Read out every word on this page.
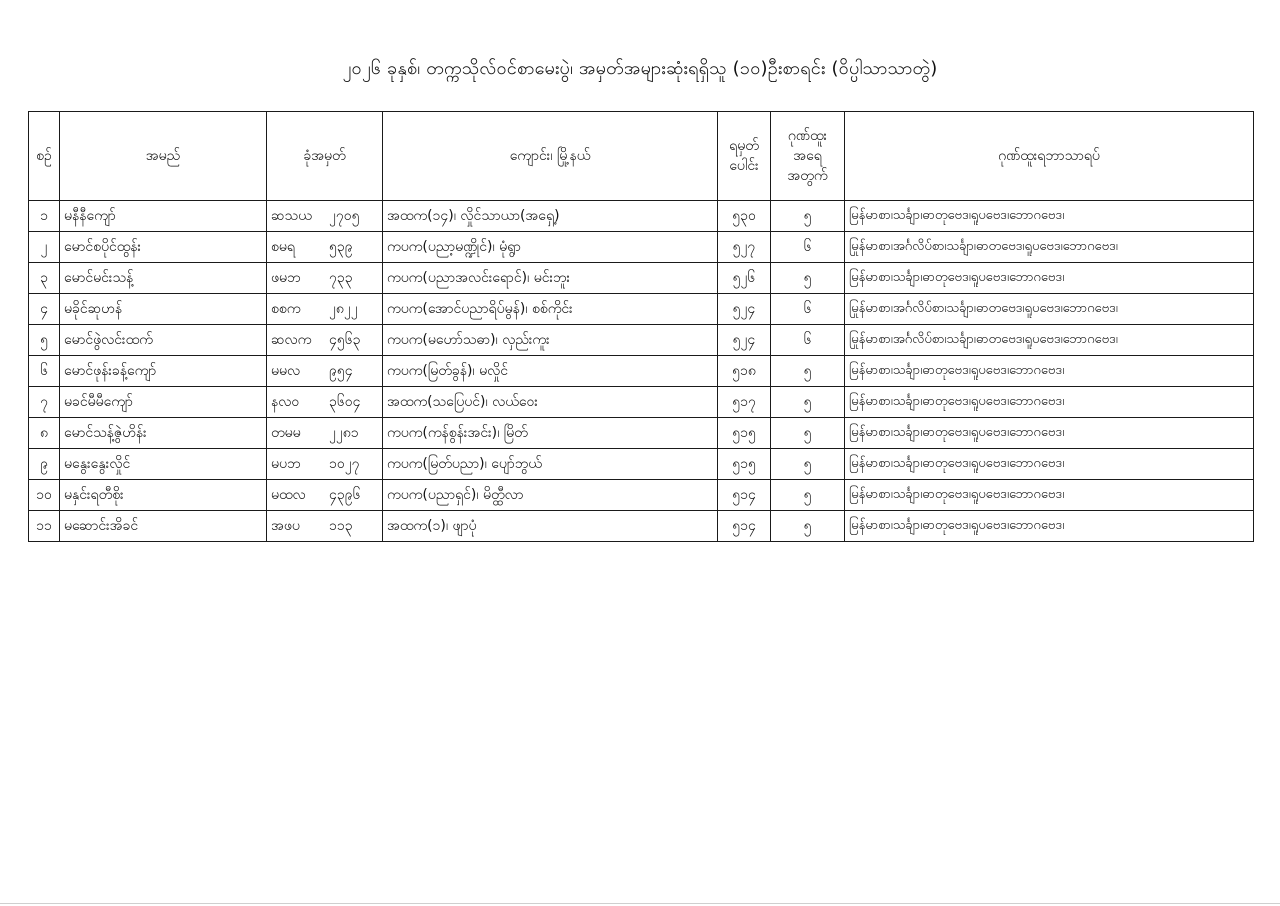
၂၀၂၆ ခုနှစ်၊ တက္ကသိုလ်ဝင်စာမေးပွဲ၊ အမှတ်အများဆုံးရရှိသူ (၁၀)ဦးစာရင်း (ဝိပ္ပါသာသာတွဲ)
စဉ်	အမည်	ခုံအမှတ်	ကျောင်း၊ မြို့နယ်	ရမှတ် ပေါင်း	ဂုဏ်ထူး အရေ အတွက်	ဂုဏ်ထူးရဘာသာရပ်
၁	မနီနီကျော်	ဆသယ ၂၇၀၅	အထက(၁၄)၊ လှိုင်သာယာ(အရှေ့)	၅၃၀	၅	မြန်မာစာ၊သင်္ချာ၊ဓာတုဗေဒ၊ရူပဗေဒ၊ဘောဂဗေဒ၊
၂	မောင်စပိုင်ထွန်း	စမရ ၅၃၉	ကပက(ပညာ့မဏ္ဍိုင်)၊ မုံရွာ	၅၂၇	၆	မြန်မာစာ၊အင်္ဂလိပ်စာ၊သင်္ချာ၊ဓာတုဗေဒ၊ရူပဗေဒ၊ဘောဂဗေဒ၊
၃	မောင်မင်းသန့်	ဖမဘ ၇၃၃	ကပက(ပညာအလင်းရောင်)၊ မင်းဘူး	၅၂၆	၅	မြန်မာစာ၊သင်္ချာ၊ဓာတုဗေဒ၊ရူပဗေဒ၊ဘောဂဗေဒ၊
၄	မခိုင်ဆုဟန်	စစက ၂၈၂၂	ကပက(အောင်ပညာရိပ်မွန်)၊ စစ်ကိုင်း	၅၂၄	၆	မြန်မာစာ၊အင်္ဂလိပ်စာ၊သင်္ချာ၊ဓာတုဗေဒ၊ရူပဗေဒ၊ဘောဂဗေဒ၊
၅	မောင်ဖွဲလင်းထက်	ဆလက ၄၅၆၃	ကပက(မဟော်သဓာ)၊ လှည်းကူး	၅၂၄	၆	မြန်မာစာ၊အင်္ဂလိပ်စာ၊သင်္ချာ၊ဓာတုဗေဒ၊ရူပဗေဒ၊ဘောဂဗေဒ၊
၆	မောင်ဖုန်းခန့်ကျော်	မမလ ၉၅၄	ကပက(မြတ်ခွန်)၊ မလှိုင်	၅၁၈	၅	မြန်မာစာ၊သင်္ချာ၊ဓာတုဗေဒ၊ရူပဗေဒ၊ဘောဂဗေဒ၊
၇	မခင်မီမီကျော်	နလဝ ၃၆၀၄	အထက(သပြေပင်)၊ လယ်ဝေး	၅၁၇	၅	မြန်မာစာ၊သင်္ချာ၊ဓာတုဗေဒ၊ရူပဗေဒ၊ဘောဂဗေဒ၊
၈	မောင်သန့်ဇွဲဟိန်း	တမမ ၂၂၈၁	ကပက(ကန်စွန်းအင်း)၊ မြိတ်	၅၁၅	၅	မြန်မာစာ၊သင်္ချာ၊ဓာတုဗေဒ၊ရူပဗေဒ၊ဘောဂဗေဒ၊
၉	မနွေးနွေးလှိုင်	မပဘ ၁၀၂၇	ကပက(မြတ်ပညာ)၊ ပျော်ဘွယ်	၅၁၅	၅	မြန်မာစာ၊သင်္ချာ၊ဓာတုဗေဒ၊ရူပဗေဒ၊ဘောဂဗေဒ၊
၁၀	မနှင်းရတီစိုး	မထလ ၄၃၉၆	ကပက(ပညာရှင်)၊ မိတ္ထီလာ	၅၁၄	၅	မြန်မာစာ၊သင်္ချာ၊ဓာတုဗေဒ၊ရူပဗေဒ၊ဘောဂဗေဒ၊
၁၁	မဆောင်းအိခင်	အဖပ ၁၁၃	အထက(၁)၊ ဖျာပုံ	၅၁၄	၅	မြန်မာစာ၊သင်္ချာ၊ဓာတုဗေဒ၊ရူပဗေဒ၊ဘောဂဗေဒ၊
